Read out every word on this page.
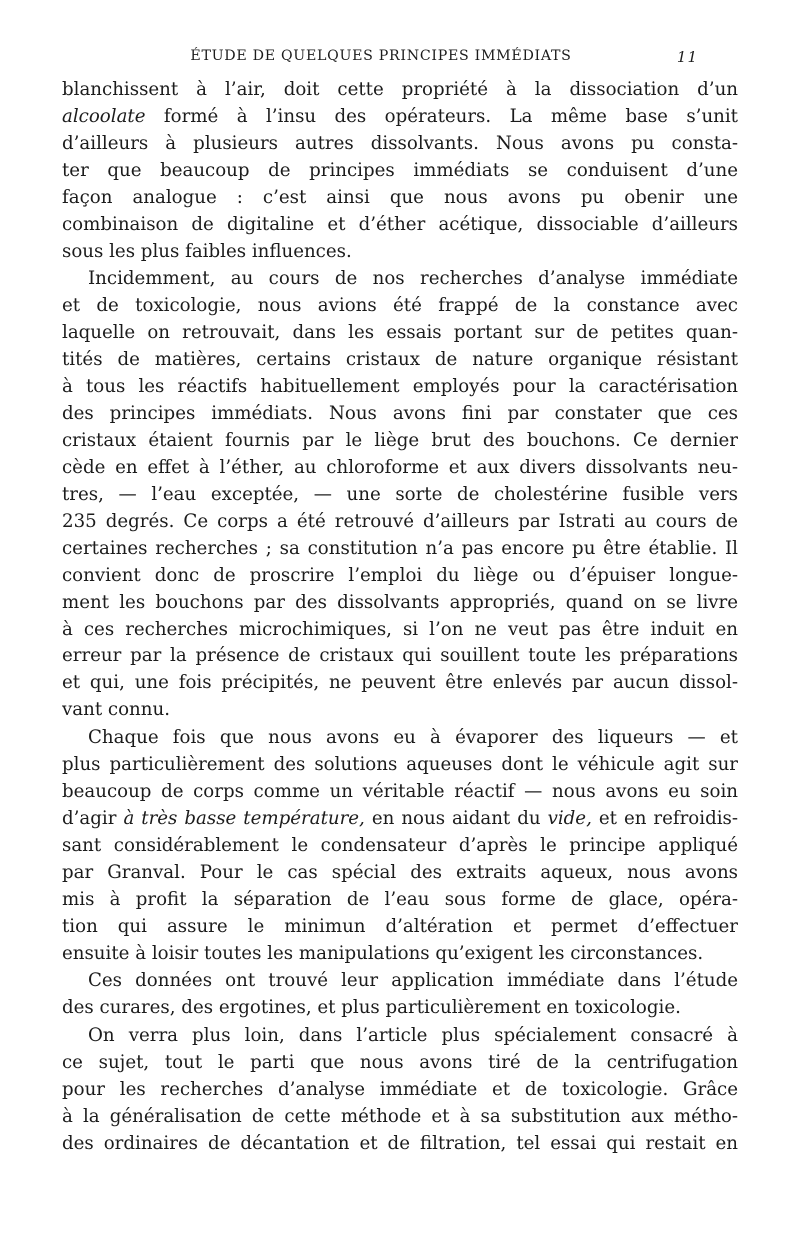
ÉTUDE DE QUELQUES PRINCIPES IMMÉDIATS	11
blanchissent à l’air, doit cette propriété à la dissociation d’un
alcoolate formé à l’insu des opérateurs. La même base s’unit
d’ailleurs à plusieurs autres dissolvants. Nous avons pu consta-
ter que beaucoup de principes immédiats se conduisent d’une
façon analogue : c’est ainsi que nous avons pu obenir une
combinaison de digitaline et d’éther acétique, dissociable d’ailleurs
sous les plus faibles influences.
Incidemment, au cours de nos recherches d’analyse immédiate
et de toxicologie, nous avions été frappé de la constance avec
laquelle on retrouvait, dans les essais portant sur de petites quan-
tités de matières, certains cristaux de nature organique résistant
à tous les réactifs habituellement employés pour la caractérisation
des principes immédiats. Nous avons fini par constater que ces
cristaux étaient fournis par le liège brut des bouchons. Ce dernier
cède en effet à l’éther, au chloroforme et aux divers dissolvants neu-
tres, — l’eau exceptée, — une sorte de cholestérine fusible vers
235 degrés. Ce corps a été retrouvé d’ailleurs par Istrati au cours de
certaines recherches ; sa constitution n’a pas encore pu être établie. Il
convient donc de proscrire l’emploi du liège ou d’épuiser longue-
ment les bouchons par des dissolvants appropriés, quand on se livre
à ces recherches microchimiques, si l’on ne veut pas être induit en
erreur par la présence de cristaux qui souillent toute les préparations
et qui, une fois précipités, ne peuvent être enlevés par aucun dissol-
vant connu.
Chaque fois que nous avons eu à évaporer des liqueurs — et
plus particulièrement des solutions aqueuses dont le véhicule agit sur
beaucoup de corps comme un véritable réactif — nous avons eu soin
d’agir à très basse température, en nous aidant du vide, et en refroidis-
sant considérablement le condensateur d’après le principe appliqué
par Granval. Pour le cas spécial des extraits aqueux, nous avons
mis à profit la séparation de l’eau sous forme de glace, opéra-
tion qui assure le minimun d’altération et permet d’effectuer
ensuite à loisir toutes les manipulations qu’exigent les circonstances.
Ces données ont trouvé leur application immédiate dans l’étude
des curares, des ergotines, et plus particulièrement en toxicologie.
On verra plus loin, dans l’article plus spécialement consacré à
ce sujet, tout le parti que nous avons tiré de la centrifugation
pour les recherches d’analyse immédiate et de toxicologie. Grâce
à la généralisation de cette méthode et à sa substitution aux métho-
des ordinaires de décantation et de filtration, tel essai qui restait en
